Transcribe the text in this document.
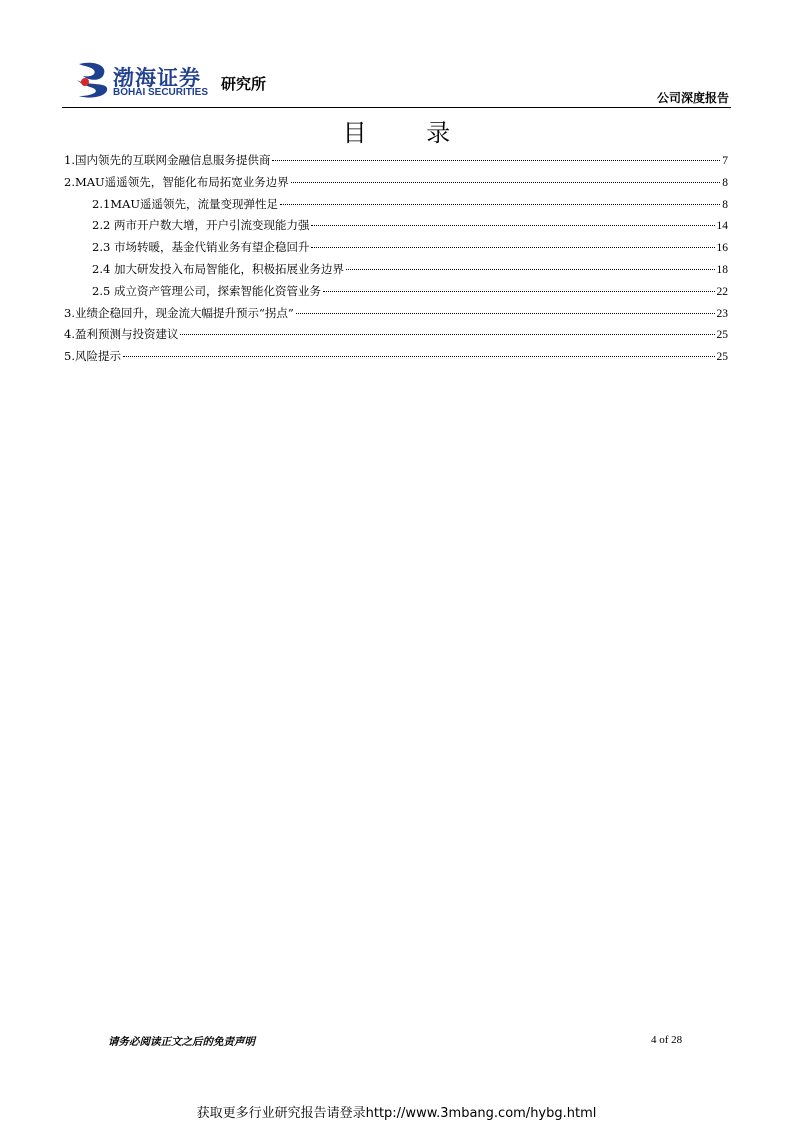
渤海证券
BOHAI SECURITIES 研究所
公司深度报告
目 录
1.国内领先的互联网金融信息服务提供商	7
2.MAU遥遥领先，智能化布局拓宽业务边界	8
2.1MAU遥遥领先，流量变现弹性足	8
2.2 两市开户数大增，开户引流变现能力强	14
2.3 市场转暖，基金代销业务有望企稳回升	16
2.4 加大研发投入布局智能化，积极拓展业务边界	18
2.5 成立资产管理公司，探索智能化资管业务	22
3.业绩企稳回升，现金流大幅提升预示“拐点”	23
4.盈利预测与投资建议	25
5.风险提示	25
请务必阅读正文之后的免责声明	4 of 28
获取更多行业研究报告请登录http://www.3mbang.com/hybg.html
